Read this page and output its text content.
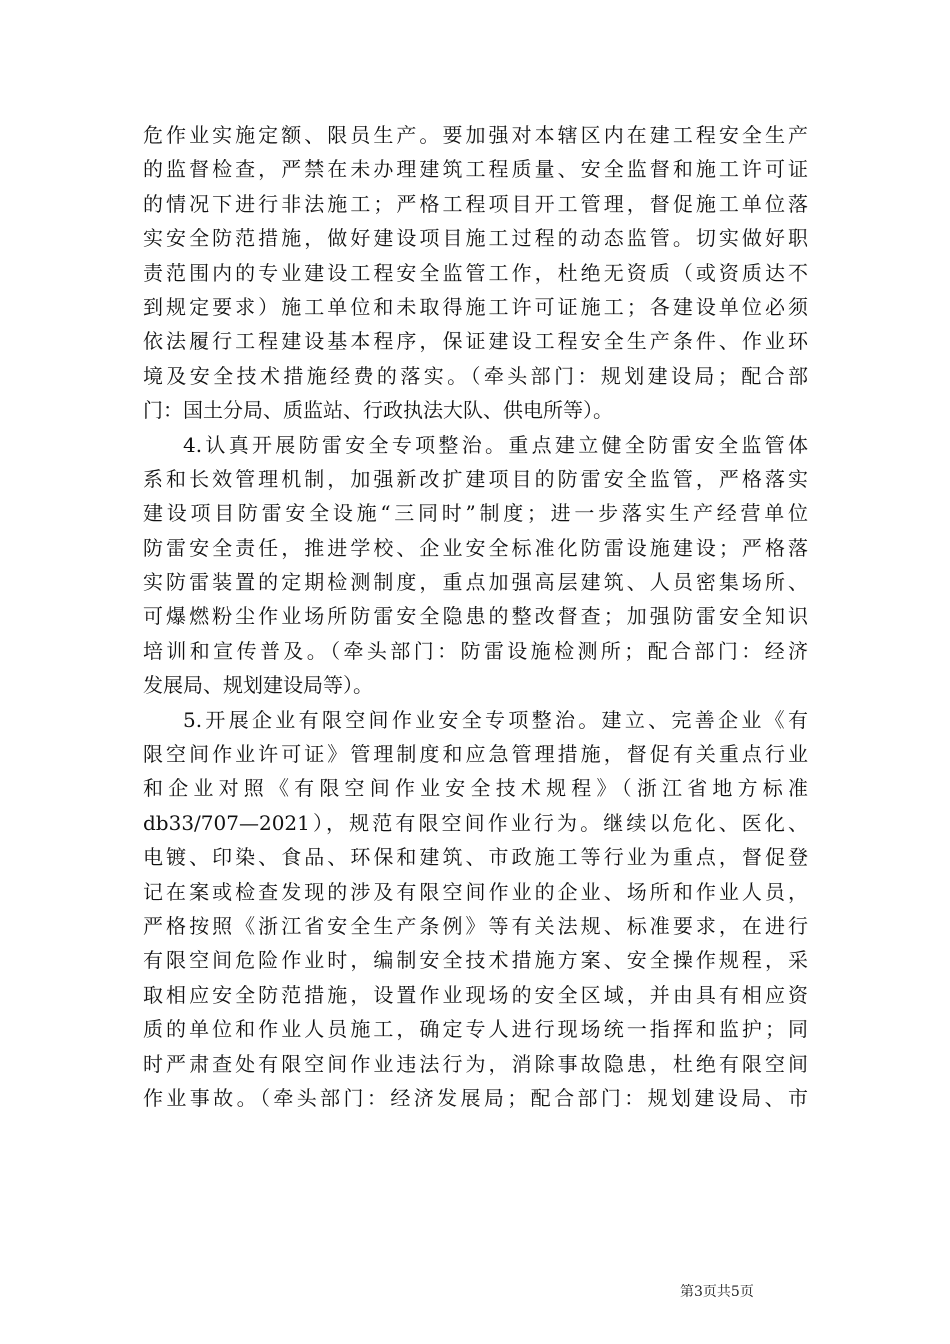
危作业实施定额、限员生产。要加强对本辖区内在建工程安全生产
的监督检查，严禁在未办理建筑工程质量、安全监督和施工许可证
的情况下进行非法施工；严格工程项目开工管理，督促施工单位落
实安全防范措施，做好建设项目施工过程的动态监管。切实做好职
责范围内的专业建设工程安全监管工作，杜绝无资质（或资质达不
到规定要求）施工单位和未取得施工许可证施工；各建设单位必须
依法履行工程建设基本程序，保证建设工程安全生产条件、作业环
境及安全技术措施经费的落实。（牵头部门：规划建设局；配合部
门：国土分局、质监站、行政执法大队、供电所等）。

4.认真开展防雷安全专项整治。重点建立健全防雷安全监管体
系和长效管理机制，加强新改扩建项目的防雷安全监管，严格落实
建设项目防雷安全设施“三同时”制度；进一步落实生产经营单位
防雷安全责任，推进学校、企业安全标准化防雷设施建设；严格落
实防雷装置的定期检测制度，重点加强高层建筑、人员密集场所、
可爆燃粉尘作业场所防雷安全隐患的整改督查；加强防雷安全知识
培训和宣传普及。（牵头部门：防雷设施检测所；配合部门：经济
发展局、规划建设局等）。

5.开展企业有限空间作业安全专项整治。建立、完善企业《有
限空间作业许可证》管理制度和应急管理措施，督促有关重点行业
和企业对照《有限空间作业安全技术规程》（浙江省地方标准
db33/707—2021），规范有限空间作业行为。继续以危化、医化、
电镀、印染、食品、环保和建筑、市政施工等行业为重点，督促登
记在案或检查发现的涉及有限空间作业的企业、场所和作业人员，
严格按照《浙江省安全生产条例》等有关法规、标准要求，在进行
有限空间危险作业时，编制安全技术措施方案、安全操作规程，采
取相应安全防范措施，设置作业现场的安全区域，并由具有相应资
质的单位和作业人员施工，确定专人进行现场统一指挥和监护；同
时严肃查处有限空间作业违法行为，消除事故隐患，杜绝有限空间
作业事故。（牵头部门：经济发展局；配合部门：规划建设局、市

第3页共5页
